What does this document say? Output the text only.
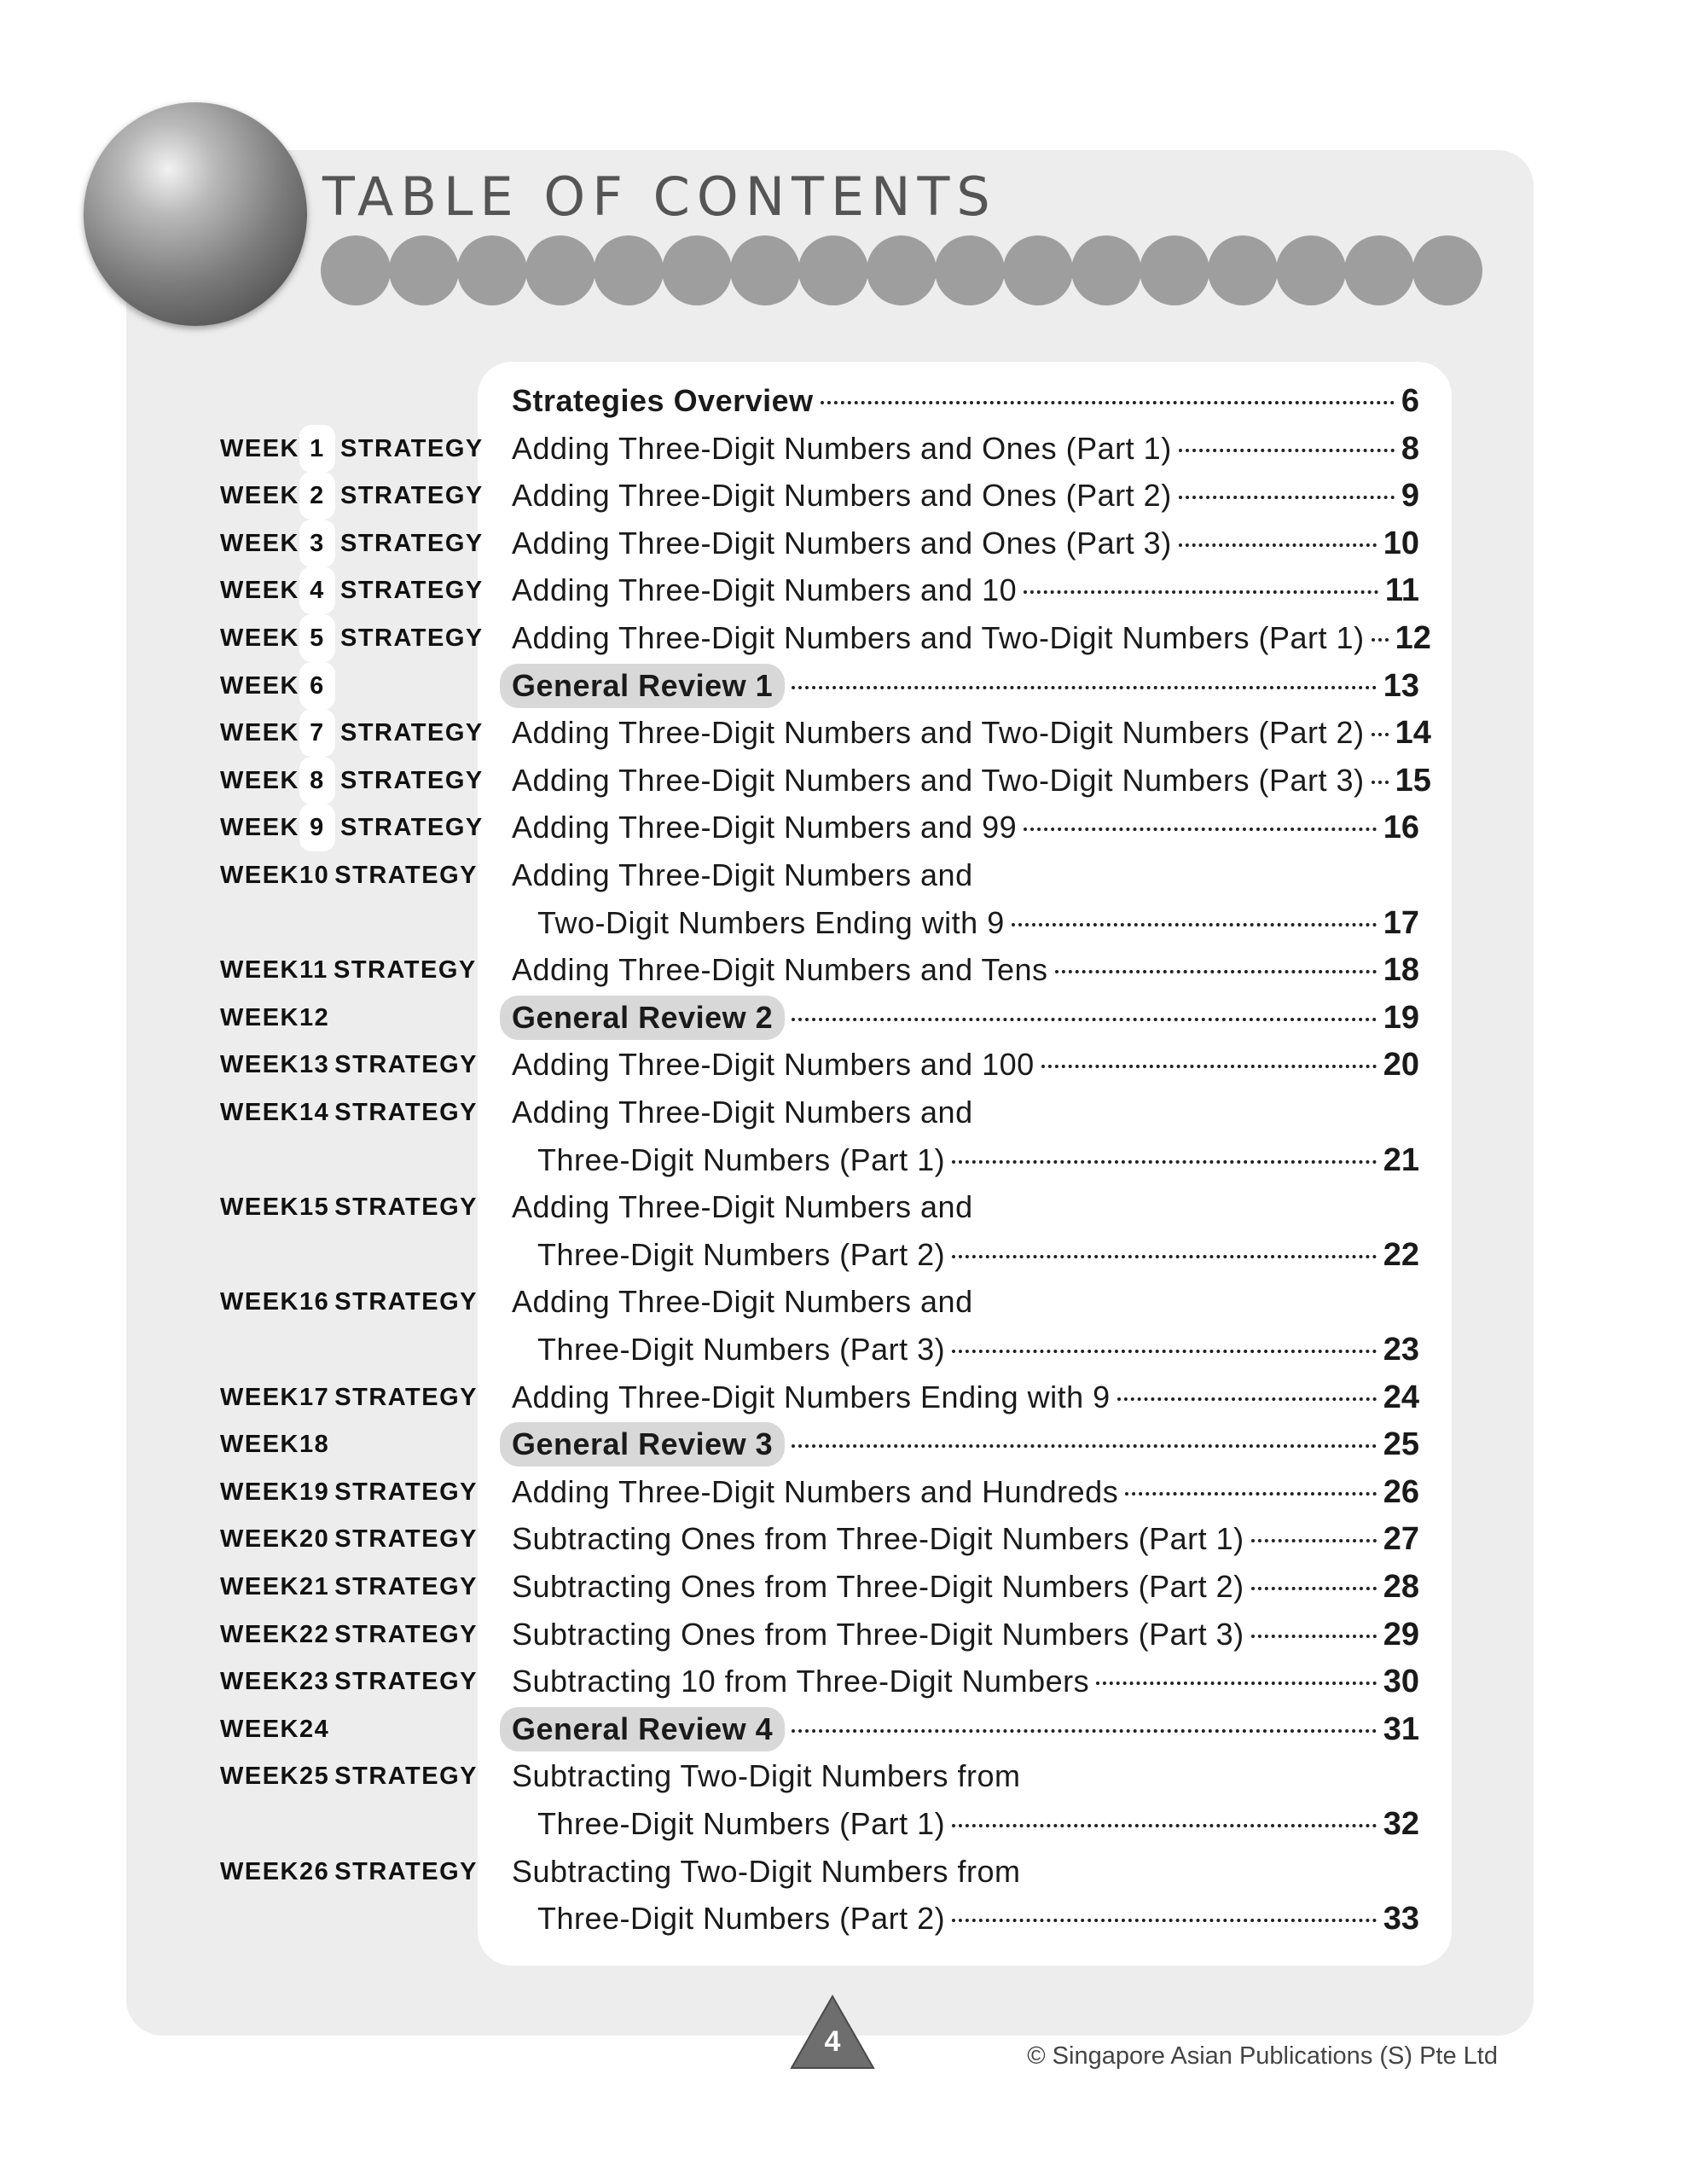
TABLE OF CONTENTS
Strategies Overview	6
WEEK 1 STRATEGY Adding Three-Digit Numbers and Ones (Part 1)	8
WEEK 2 STRATEGY Adding Three-Digit Numbers and Ones (Part 2)	9
WEEK 3 STRATEGY Adding Three-Digit Numbers and Ones (Part 3)	10
WEEK 4 STRATEGY Adding Three-Digit Numbers and 10	11
WEEK 5 STRATEGY Adding Three-Digit Numbers and Two-Digit Numbers (Part 1) 12
WEEK 6	General Review 1	13
WEEK 7 STRATEGY Adding Three-Digit Numbers and Two-Digit Numbers (Part 2) 14
WEEK 8 STRATEGY Adding Three-Digit Numbers and Two-Digit Numbers (Part 3) 15
WEEK 9 STRATEGY Adding Three-Digit Numbers and 99	16
WEEK10 STRATEGY Adding Three-Digit Numbers and
Two-Digit Numbers Ending with 9	17
WEEK11 STRATEGY Adding Three-Digit Numbers and Tens	18
WEEK12	General Review 2	19
WEEK13 STRATEGY Adding Three-Digit Numbers and 100	20
WEEK14 STRATEGY Adding Three-Digit Numbers and
Three-Digit Numbers (Part 1)	21
WEEK15 STRATEGY Adding Three-Digit Numbers and
Three-Digit Numbers (Part 2)	22
WEEK16 STRATEGY Adding Three-Digit Numbers and
Three-Digit Numbers (Part 3)	23
WEEK17 STRATEGY Adding Three-Digit Numbers Ending with 9	24
WEEK18	General Review 3	25
WEEK19 STRATEGY Adding Three-Digit Numbers and Hundreds	26
WEEK20 STRATEGY Subtracting Ones from Three-Digit Numbers (Part 1)	27
WEEK21 STRATEGY Subtracting Ones from Three-Digit Numbers (Part 2)	28
WEEK22 STRATEGY Subtracting Ones from Three-Digit Numbers (Part 3)	29
WEEK23 STRATEGY Subtracting 10 from Three-Digit Numbers	30
WEEK24	General Review 4	31
WEEK25 STRATEGY Subtracting Two-Digit Numbers from
Three-Digit Numbers (Part 1)	32
WEEK26 STRATEGY Subtracting Two-Digit Numbers from
Three-Digit Numbers (Part 2)	33
4	© Singapore Asian Publications (S) Pte Ltd
